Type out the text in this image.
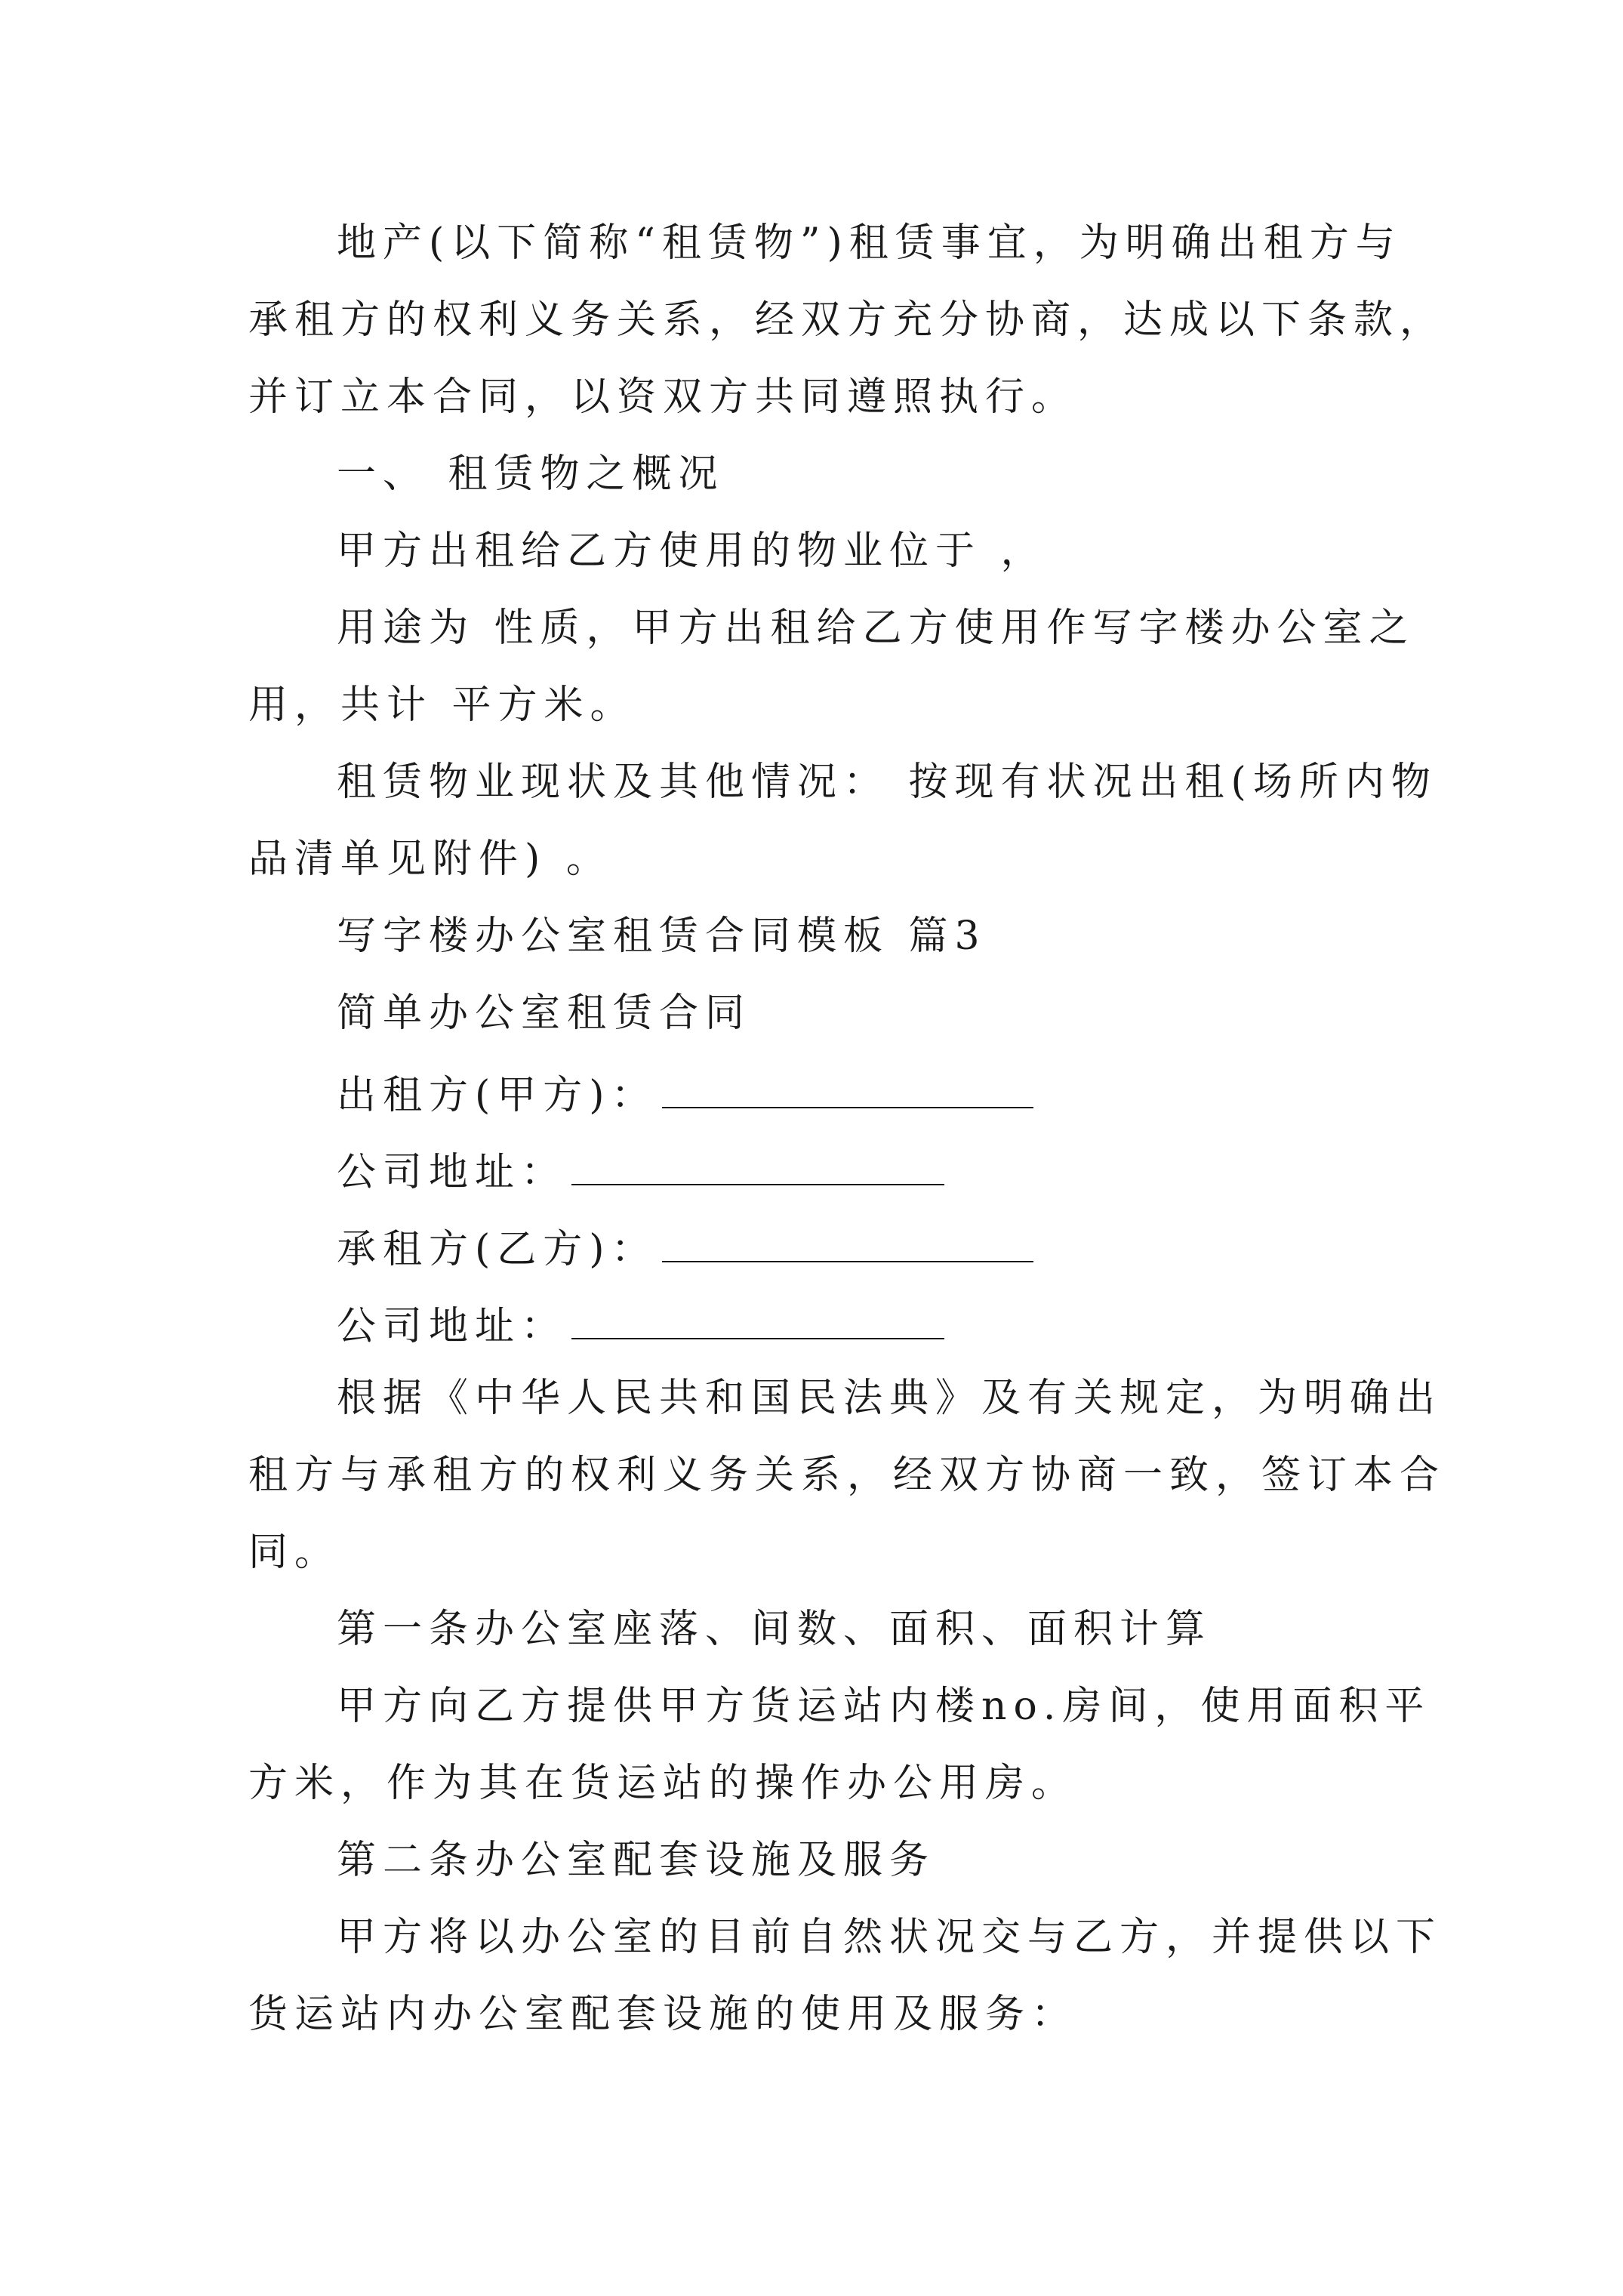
地产(以下简称“租赁物”)租赁事宜，为明确出租方与
承租方的权利义务关系，经双方充分协商，达成以下条款，
并订立本合同，以资双方共同遵照执行。
一、 租赁物之概况
甲方出租给乙方使用的物业位于 ，
用途为 性质，甲方出租给乙方使用作写字楼办公室之
用，共计 平方米。
租赁物业现状及其他情况： 按现有状况出租(场所内物
品清单见附件) 。
写字楼办公室租赁合同模板 篇3
简单办公室租赁合同
出租方(甲方)：
公司地址：
承租方(乙方)：
公司地址：
根据《中华人民共和国民法典》及有关规定，为明确出
租方与承租方的权利义务关系，经双方协商一致，签订本合
同。
第一条办公室座落、间数、面积、面积计算
甲方向乙方提供甲方货运站内楼no.房间，使用面积平
方米，作为其在货运站的操作办公用房。
第二条办公室配套设施及服务
甲方将以办公室的目前自然状况交与乙方，并提供以下
货运站内办公室配套设施的使用及服务：
